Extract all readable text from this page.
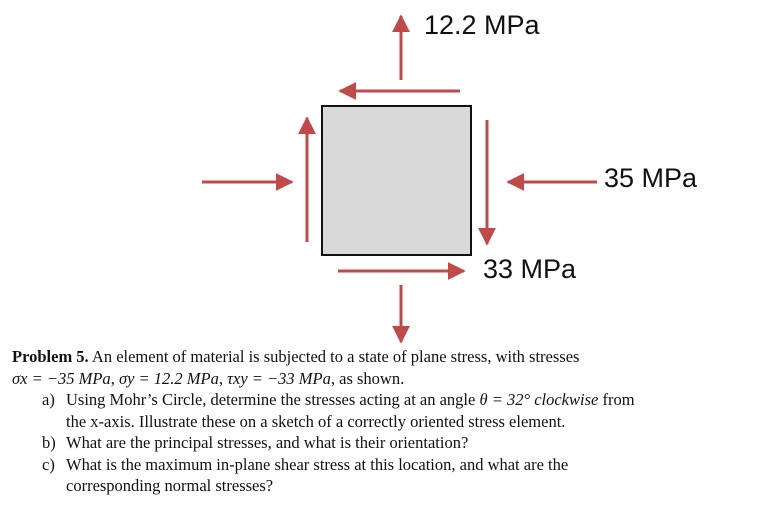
12.2 MPa
35 MPa
33 MPa
Problem 5. An element of material is subjected to a state of plane stress, with stresses
σx = −35 MPa, σy = 12.2 MPa, τxy = −33 MPa, as shown.
a) Using Mohr’s Circle, determine the stresses acting at an angle θ = 32° clockwise from
the x-axis. Illustrate these on a sketch of a correctly oriented stress element.
b) What are the principal stresses, and what is their orientation?
c) What is the maximum in-plane shear stress at this location, and what are the
corresponding normal stresses?
